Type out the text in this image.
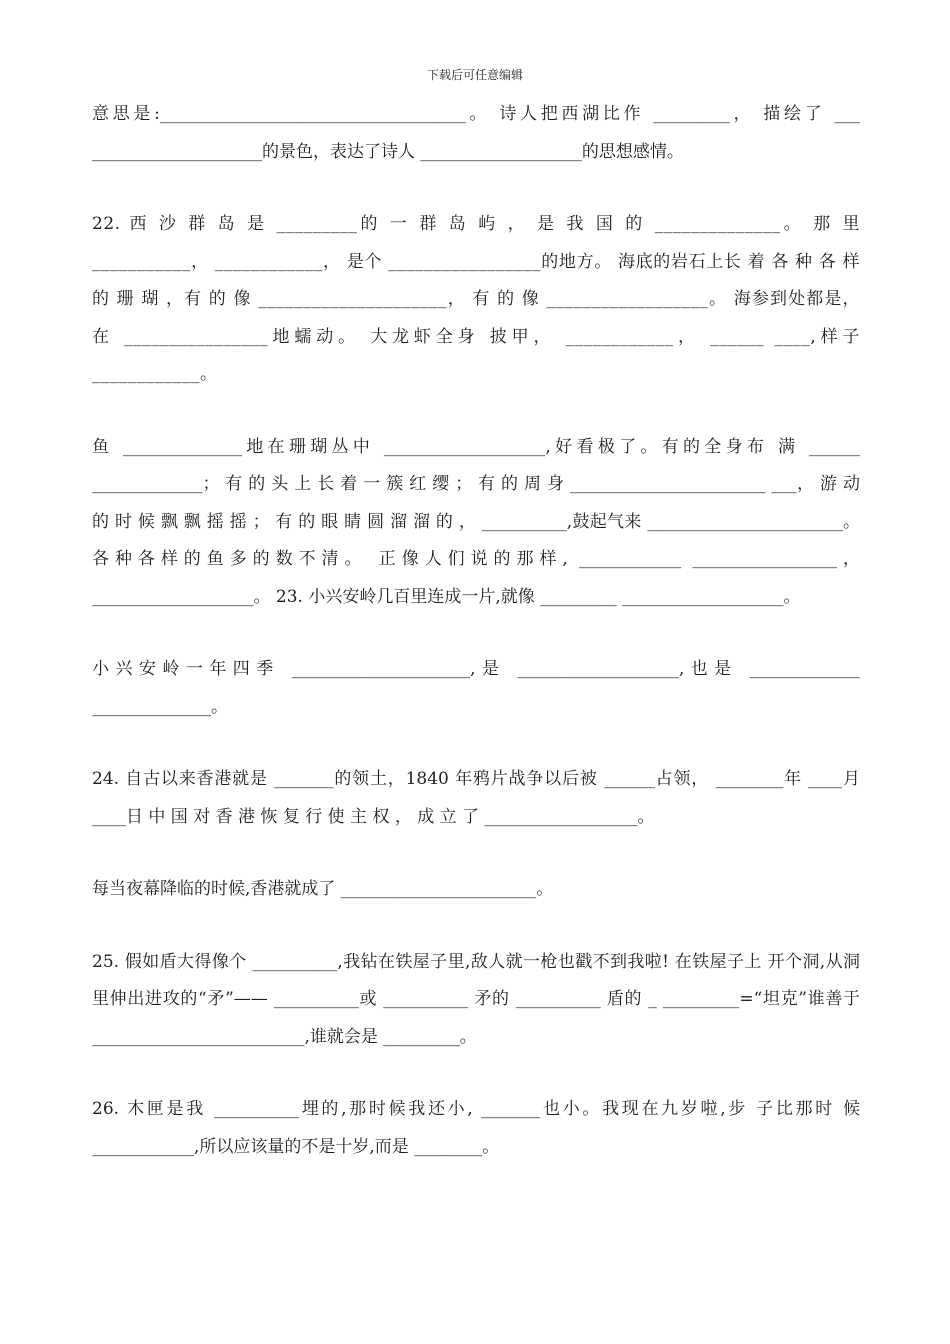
下载后可任意编辑

意思是:____________________________________。 诗人把西湖比作 _________， 描绘了 ___ ____________________的景色，表达了诗人 ___________________的思想感情。

22. 西 沙 群 岛 是 _________的 一 群 岛 屿 ， 是 我 国 的 ______________。 那 里 ___________， ____________， 是个 _________________的地方。 海底的岩石上长 着 各 种 各 样 的 珊 瑚 ，有 的 像 _____________________， 有 的 像 __________________。 海参到处都是， 在 ________________地蠕动。 大龙虾全身 披甲， ____________， ______ ____,样子 ____________。

鱼 ______________地在珊瑚丛中 ___________________,好看极了。有的全身布 满 ______ _____________； 有 的 头 上 长 着 一 簇 红 缨 ； 有 的 周 身 _______________________ ___， 游 动 的 时 候 飘 飘 摇 摇 ； 有 的 眼 睛 圆 溜 溜 的 ， __________,鼓起气来 _______________________。各种各样的鱼多的数不清。 正像人们说的那样, ____________ _________________， ___________________。 23. 小兴安岭几百里连成一片,就像 _________ ___________________。

小兴安岭一年四季 _____________________,是 ___________________,也是 _____________ ______________。

24. 自古以来香港就是 _______的领土，1840 年鸦片战争以后被 ______占领， ________年 ____月 ____日 中 国 对 香 港 恢 复 行 使 主 权 ， 成 立 了 __________________。

每当夜幕降临的时候,香港就成了 _______________________。

25. 假如盾大得像个 __________,我钻在铁屋子里,敌人就一枪也戳不到我啦! 在铁屋子上 开个洞,从洞里伸出进攻的“矛”—— __________或 __________ 矛的 __________ 盾的 _ _________=“坦克”谁善于 _________________________,谁就会是 _________。

26. 木匣是我 __________埋的,那时候我还小, _______也小。我现在九岁啦,步 子比那时 候 ____________,所以应该量的不是十岁,而是 ________。
